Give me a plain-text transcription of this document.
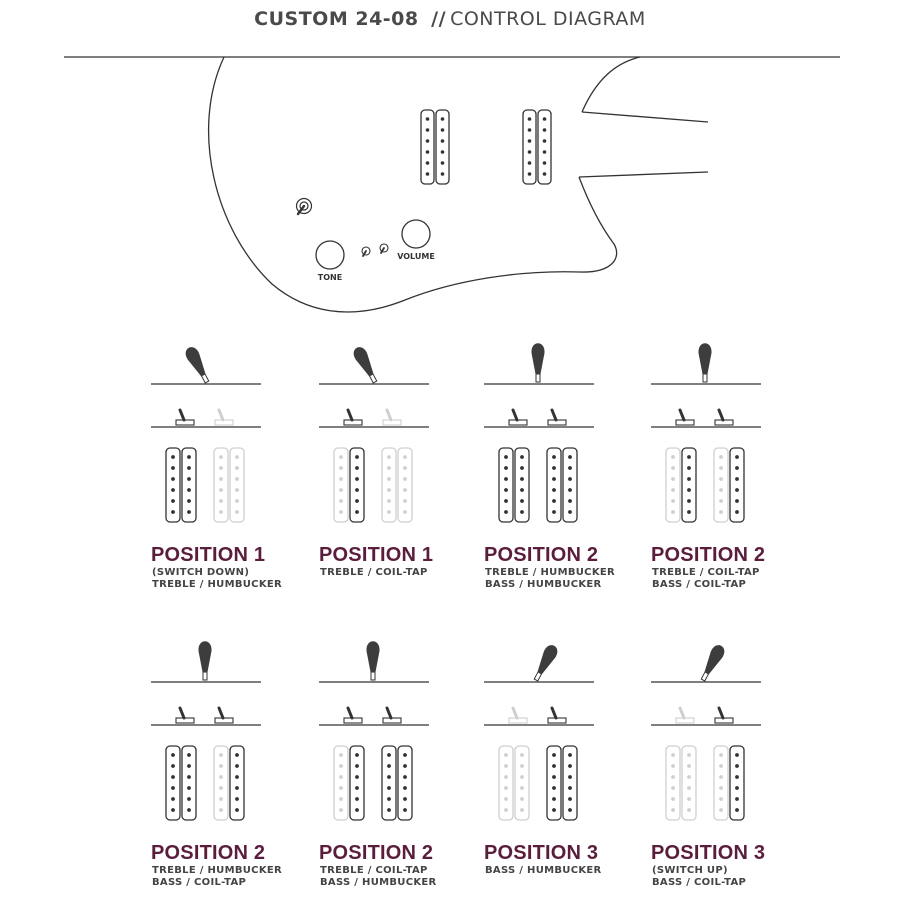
CUSTOM 24-08 // CONTROL DIAGRAM
TONE
VOLUME
POSITION 1
(SWITCH DOWN)
TREBLE / HUMBUCKER
POSITION 1
TREBLE / COIL-TAP
POSITION 2
TREBLE / HUMBUCKER
BASS / HUMBUCKER
POSITION 2
TREBLE / COIL-TAP
BASS / COIL-TAP
POSITION 2
TREBLE / HUMBUCKER
BASS / COIL-TAP
POSITION 2
TREBLE / COIL-TAP
BASS / HUMBUCKER
POSITION 3
BASS / HUMBUCKER
POSITION 3
(SWITCH UP)
BASS / COIL-TAP
